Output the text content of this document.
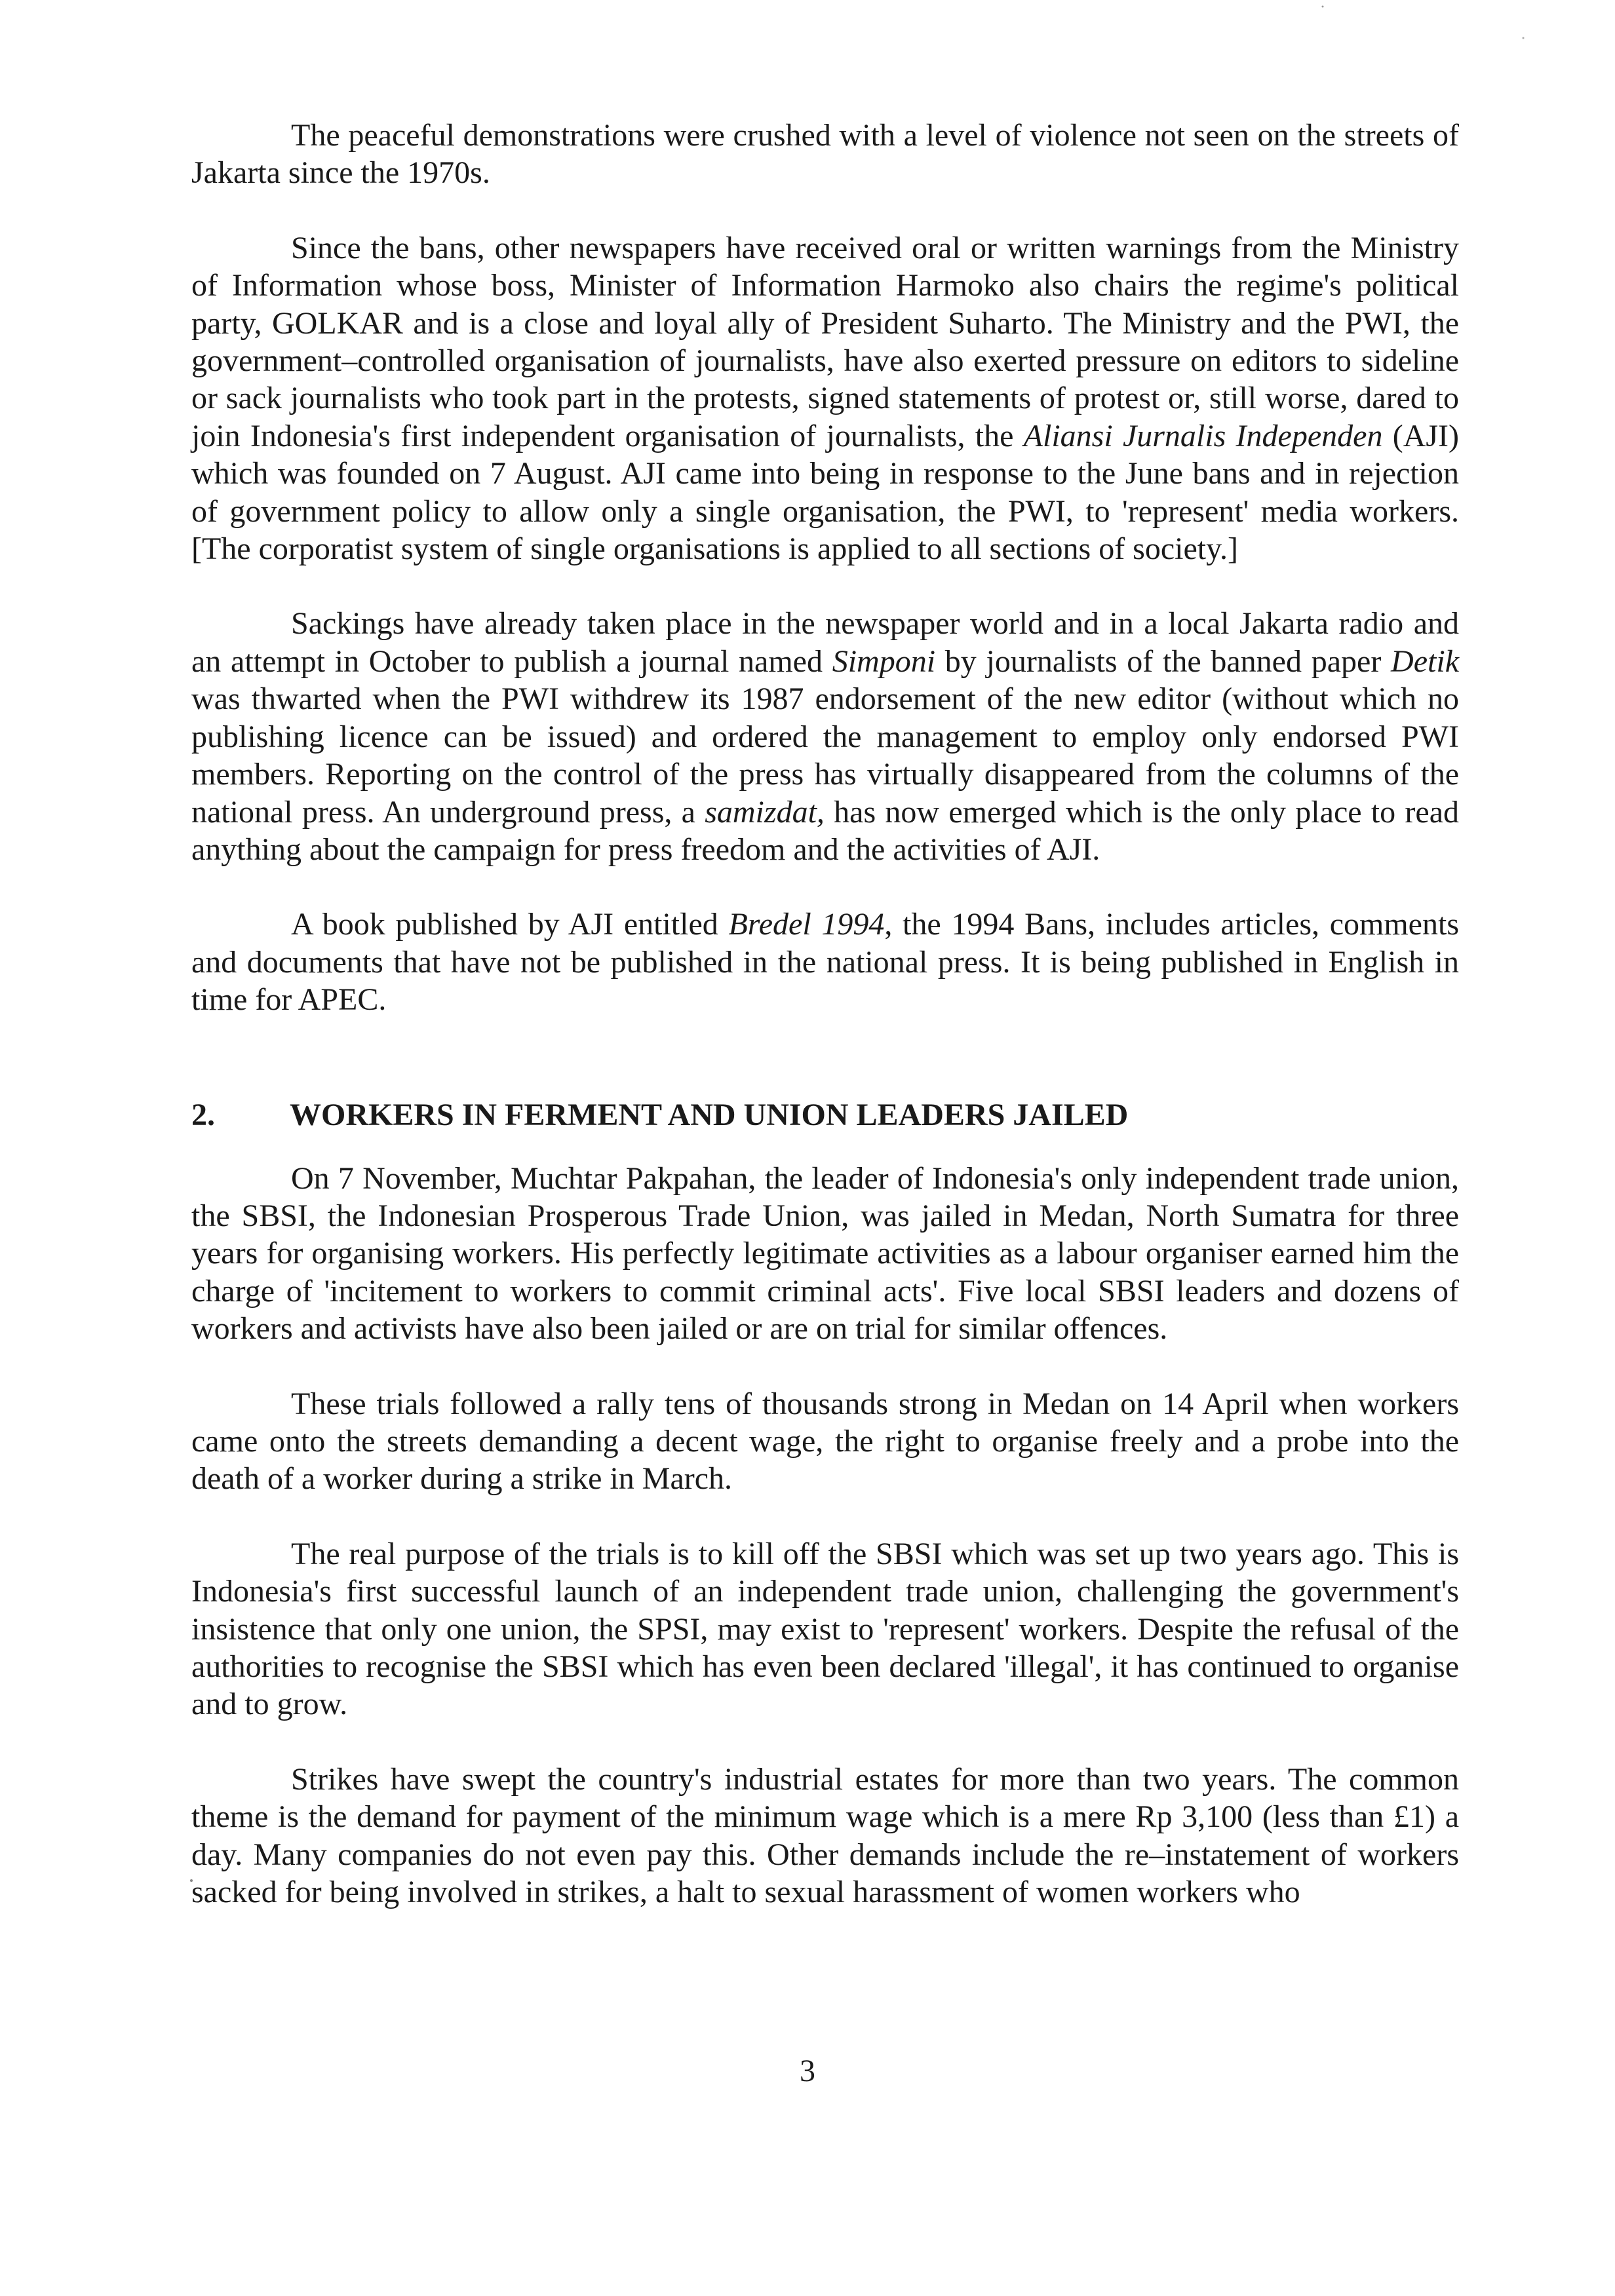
The peaceful demonstrations were crushed with a level of violence not seen on the streets of Jakarta since the 1970s.

Since the bans, other newspapers have received oral or written warnings from the Ministry of Information whose boss, Minister of Information Harmoko also chairs the regime's political party, GOLKAR and is a close and loyal ally of President Suharto. The Ministry and the PWI, the government–controlled organisation of journalists, have also exerted pressure on editors to sideline or sack journalists who took part in the protests, signed statements of protest or, still worse, dared to join Indonesia's first independent organisation of journalists, the Aliansi Jurnalis Independen (AJI) which was founded on 7 August. AJI came into being in response to the June bans and in rejection of government policy to allow only a single organisation, the PWI, to 'represent' media workers. [The corporatist system of single organisations is applied to all sections of society.]

Sackings have already taken place in the newspaper world and in a local Jakarta radio and an attempt in October to publish a journal named Simponi by journalists of the banned paper Detik was thwarted when the PWI withdrew its 1987 endorsement of the new editor (without which no publishing licence can be issued) and ordered the management to employ only endorsed PWI members. Reporting on the control of the press has virtually disappeared from the columns of the national press. An underground press, a samizdat, has now emerged which is the only place to read anything about the campaign for press freedom and the activities of AJI.

A book published by AJI entitled Bredel 1994, the 1994 Bans, includes articles, comments and documents that have not be published in the national press. It is being published in English in time for APEC.

2.	WORKERS IN FERMENT AND UNION LEADERS JAILED

On 7 November, Muchtar Pakpahan, the leader of Indonesia's only independent trade union, the SBSI, the Indonesian Prosperous Trade Union, was jailed in Medan, North Sumatra for three years for organising workers. His perfectly legitimate activities as a labour organiser earned him the charge of 'incitement to workers to commit criminal acts'. Five local SBSI leaders and dozens of workers and activists have also been jailed or are on trial for similar offences.

These trials followed a rally tens of thousands strong in Medan on 14 April when workers came onto the streets demanding a decent wage, the right to organise freely and a probe into the death of a worker during a strike in March.

The real purpose of the trials is to kill off the SBSI which was set up two years ago. This is Indonesia's first successful launch of an independent trade union, challenging the government's insistence that only one union, the SPSI, may exist to 'represent' workers. Despite the refusal of the authorities to recognise the SBSI which has even been declared 'illegal', it has continued to organise and to grow.

Strikes have swept the country's industrial estates for more than two years. The common theme is the demand for payment of the minimum wage which is a mere Rp 3,100 (less than £1) a day. Many companies do not even pay this. Other demands include the re–instatement of workers sacked for being involved in strikes, a halt to sexual harassment of women workers who

3
